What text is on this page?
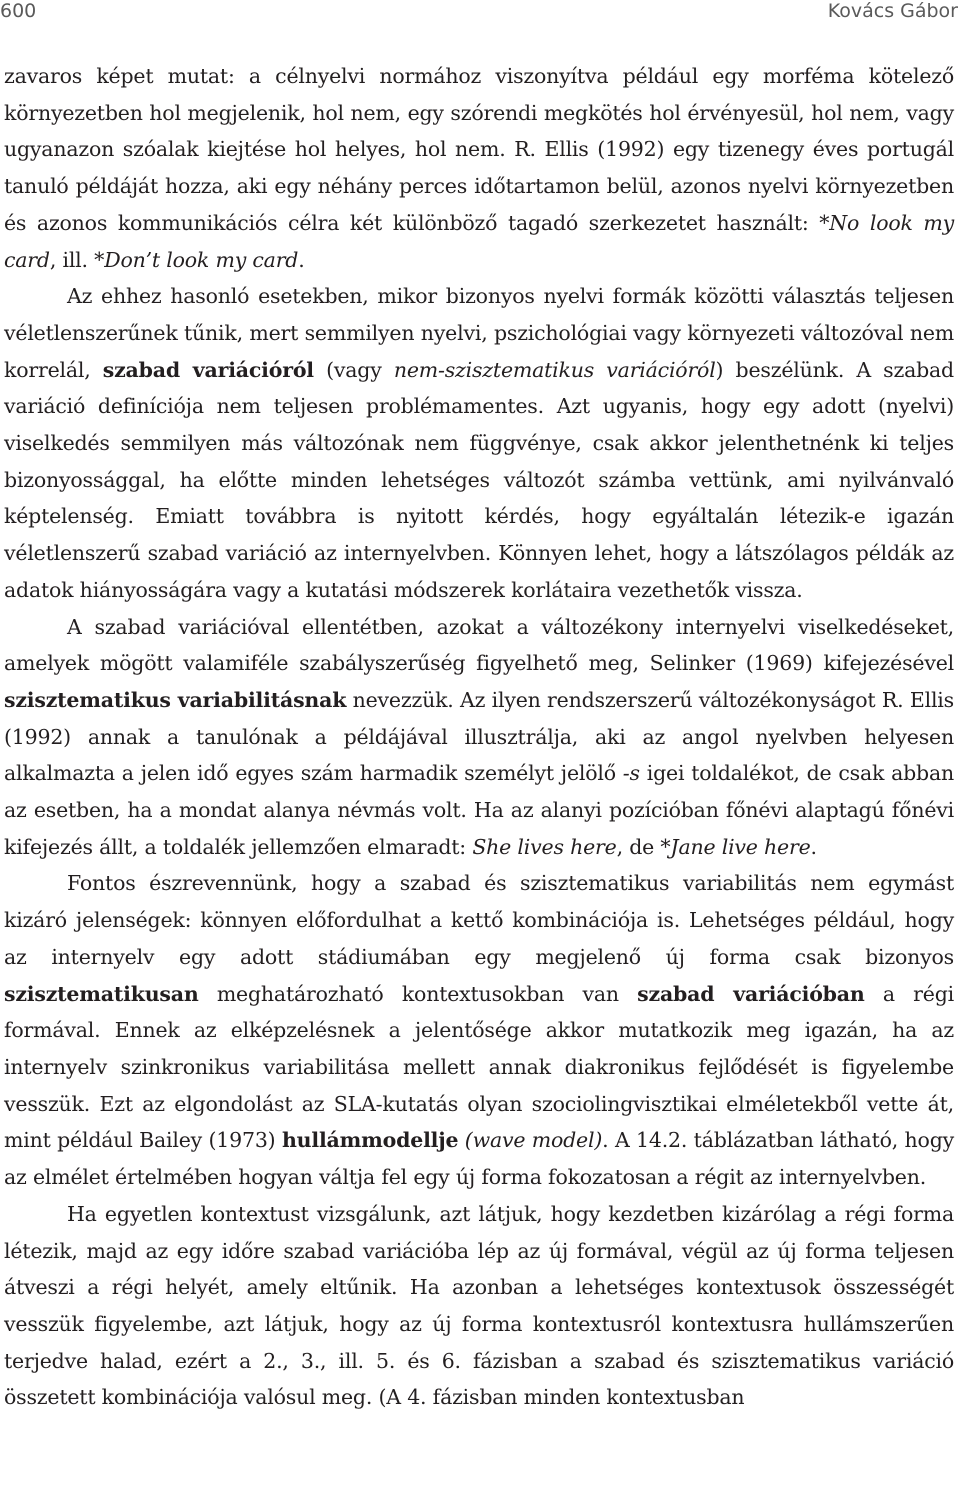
600	Kovács Gábor

zavaros képet mutat: a célnyelvi normához viszonyítva például egy morféma kötelező környezetben hol megjelenik, hol nem, egy szórendi megkötés hol érvényesül, hol nem, vagy ugyanazon szóalak kiejtése hol helyes, hol nem. R. Ellis (1992) egy tizenegy éves portugál tanuló példáját hozza, aki egy néhány perces időtartamon belül, azonos nyelvi környezetben és azonos kommunikációs célra két különböző tagadó szerkezetet használt: *No look my card, ill. *Don’t look my card.

Az ehhez hasonló esetekben, mikor bizonyos nyelvi formák közötti választás teljesen véletlenszerűnek tűnik, mert semmilyen nyelvi, pszichológiai vagy környezeti változóval nem korrelál, szabad variációról (vagy nem-szisztematikus variációról) beszélünk. A szabad variáció definíciója nem teljesen problémamentes. Azt ugyanis, hogy egy adott (nyelvi) viselkedés semmilyen más változónak nem függvénye, csak akkor jelenthetnénk ki teljes bizonyossággal, ha előtte minden lehetséges változót számba vettünk, ami nyilvánvaló képtelenség. Emiatt továbbra is nyitott kérdés, hogy egyáltalán létezik-e igazán véletlenszerű szabad variáció az internyelvben. Könnyen lehet, hogy a látszólagos példák az adatok hiányosságára vagy a kutatási módszerek korlátaira vezethetők vissza.

A szabad variációval ellentétben, azokat a változékony internyelvi viselkedéseket, amelyek mögött valamiféle szabályszerűség figyelhető meg, Selinker (1969) kifejezésével szisztematikus variabilitásnak nevezzük. Az ilyen rendszerszerű változékonyságot R. Ellis (1992) annak a tanulónak a példájával illusztrálja, aki az angol nyelvben helyesen alkalmazta a jelen idő egyes szám harmadik személyt jelölő -s igei toldalékot, de csak abban az esetben, ha a mondat alanya névmás volt. Ha az alanyi pozícióban főnévi alaptagú főnévi kifejezés állt, a toldalék jellemzően elmaradt: She lives here, de *Jane live here.

Fontos észrevennünk, hogy a szabad és szisztematikus variabilitás nem egymást kizáró jelenségek: könnyen előfordulhat a kettő kombinációja is. Lehetséges például, hogy az internyelv egy adott stádiumában egy megjelenő új forma csak bizonyos szisztematikusan meghatározható kontextusokban van szabad variációban a régi formával. Ennek az elképzelésnek a jelentősége akkor mutatkozik meg igazán, ha az internyelv szinkronikus variabilitása mellett annak diakronikus fejlődését is figyelembe vesszük. Ezt az elgondolást az SLA-kutatás olyan szociolingvisztikai elméletekből vette át, mint például Bailey (1973) hullámmodellje (wave model). A 14.2. táblázatban látható, hogy az elmélet értelmében hogyan váltja fel egy új forma fokozatosan a régit az internyelvben.

Ha egyetlen kontextust vizsgálunk, azt látjuk, hogy kezdetben kizárólag a régi forma létezik, majd az egy időre szabad variációba lép az új formával, végül az új forma teljesen átveszi a régi helyét, amely eltűnik. Ha azonban a lehetséges kontextusok összességét vesszük figyelembe, azt látjuk, hogy az új forma kontextusról kontextusra hullámszerűen terjedve halad, ezért a 2., 3., ill. 5. és 6. fázisban a szabad és szisztematikus variáció összetett kombinációja valósul meg. (A 4. fázisban minden kontextusban
